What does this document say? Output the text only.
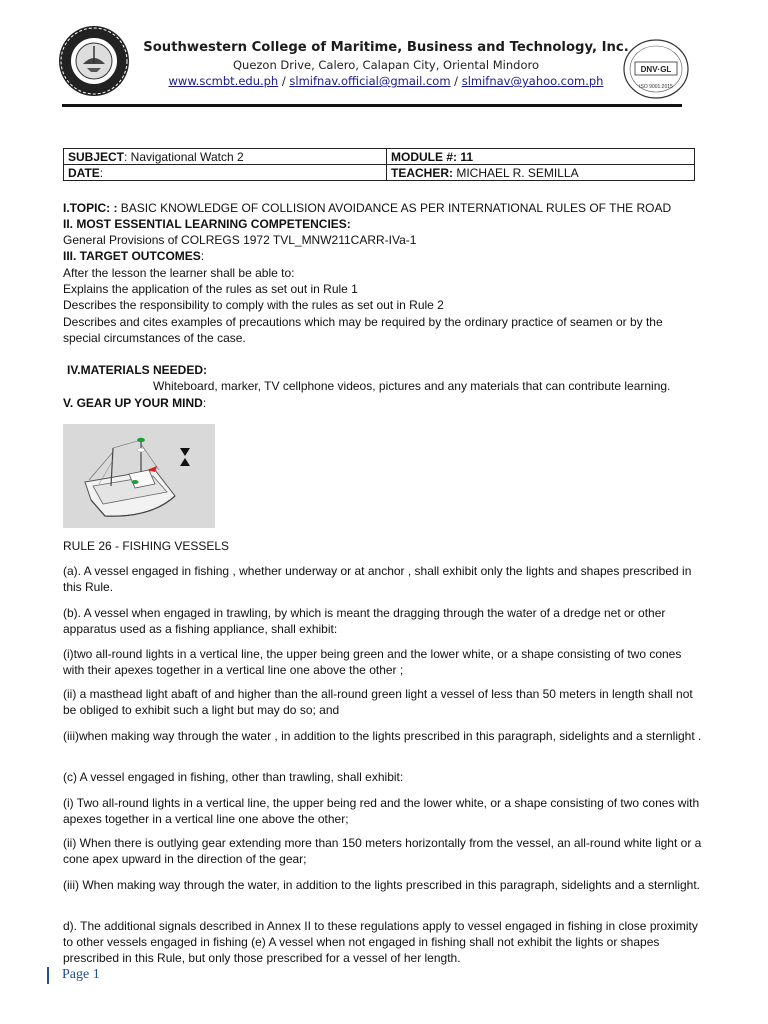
Southwestern College of Maritime, Business and Technology, Inc.
Quezon Drive, Calero, Calapan City, Oriental Mindoro
www.scmbt.edu.ph / slmifnav.official@gmail.com / slmifnav@yahoo.com.ph
DNV·GL
ISO 9001:2015
SUBJECT: Navigational Watch 2	MODULE #: 11
DATE:	TEACHER: MICHAEL R. SEMILLA
I.TOPIC: : BASIC KNOWLEDGE OF COLLISION AVOIDANCE AS PER INTERNATIONAL RULES OF THE ROAD
II. MOST ESSENTIAL LEARNING COMPETENCIES:
General Provisions of COLREGS 1972 TVL_MNW211CARR-IVa-1
III. TARGET OUTCOMES:
After the lesson the learner shall be able to:
Explains the application of the rules as set out in Rule 1
Describes the responsibility to comply with the rules as set out in Rule 2
Describes and cites examples of precautions which may be required by the ordinary practice of seamen or by the special circumstances of the case.
IV.MATERIALS NEEDED:
Whiteboard, marker, TV cellphone videos, pictures and any materials that can contribute learning.
V. GEAR UP YOUR MIND:
RULE 26 - FISHING VESSELS
(a). A vessel engaged in fishing , whether underway or at anchor , shall exhibit only the lights and shapes prescribed in this Rule.
(b). A vessel when engaged in trawling, by which is meant the dragging through the water of a dredge net or other apparatus used as a fishing appliance, shall exhibit:
(i)two all-round lights in a vertical line, the upper being green and the lower white, or a shape consisting of two cones with their apexes together in a vertical line one above the other ;
(ii) a masthead light abaft of and higher than the all-round green light a vessel of less than 50 meters in length shall not be obliged to exhibit such a light but may do so; and
(iii)when making way through the water , in addition to the lights prescribed in this paragraph, sidelights and a sternlight .
(c) A vessel engaged in fishing, other than trawling, shall exhibit:
(i) Two all-round lights in a vertical line, the upper being red and the lower white, or a shape consisting of two cones with apexes together in a vertical line one above the other;
(ii) When there is outlying gear extending more than 150 meters horizontally from the vessel, an all-round white light or a cone apex upward in the direction of the gear;
(iii) When making way through the water, in addition to the lights prescribed in this paragraph, sidelights and a sternlight.
d). The additional signals described in Annex II to these regulations apply to vessel engaged in fishing in close proximity to other vessels engaged in fishing (e) A vessel when not engaged in fishing shall not exhibit the lights or shapes prescribed in this Rule, but only those prescribed for a vessel of her length.
Page 1
